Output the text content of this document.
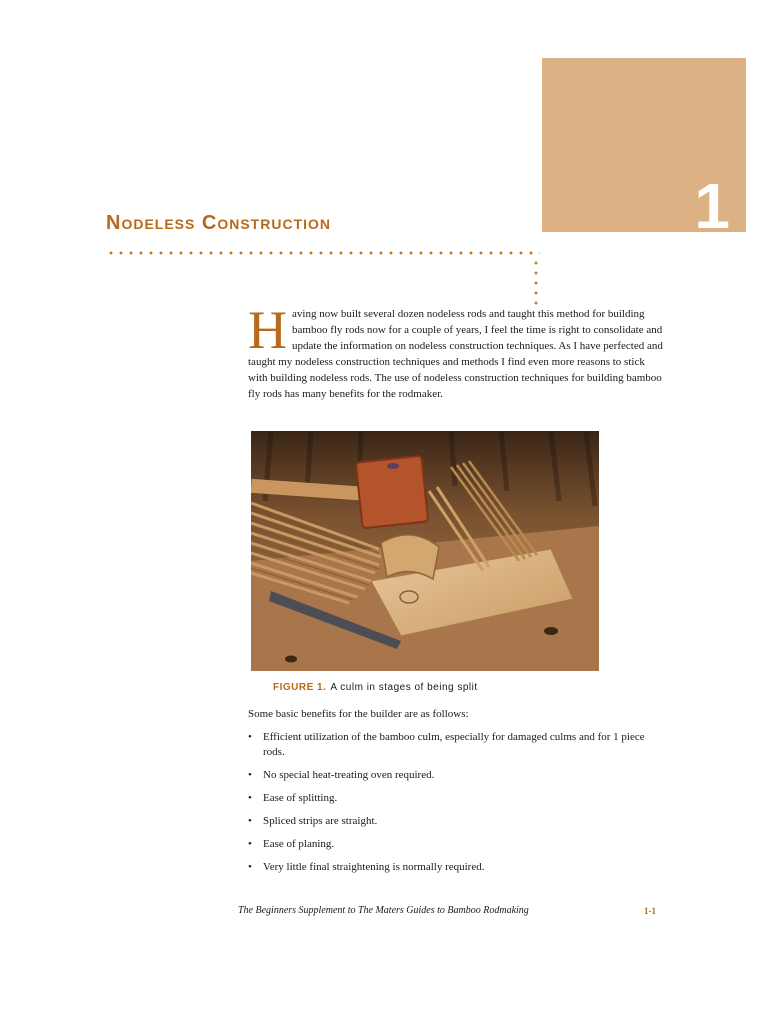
1
Nodeless Construction

Having now built several dozen nodeless rods and taught this method for building bamboo fly rods now for a couple of years, I feel the time is right to consolidate and update the information on nodeless construction techniques. As I have perfected and taught my nodeless construction techniques and methods I find even more reasons to stick with building nodeless rods. The use of nodeless construction techniques for building bamboo fly rods has many benefits for the rodmaker.

FIGURE 1. A culm in stages of being split

Some basic benefits for the builder are as follows:

• Efficient utilization of the bamboo culm, especially for damaged culms and for 1 piece rods.
• No special heat-treating oven required.
• Ease of splitting.
• Spliced strips are straight.
• Ease of planing.
• Very little final straightening is normally required.
The Beginners Supplement to The Maters Guides to Bamboo Rodmaking	1-1
